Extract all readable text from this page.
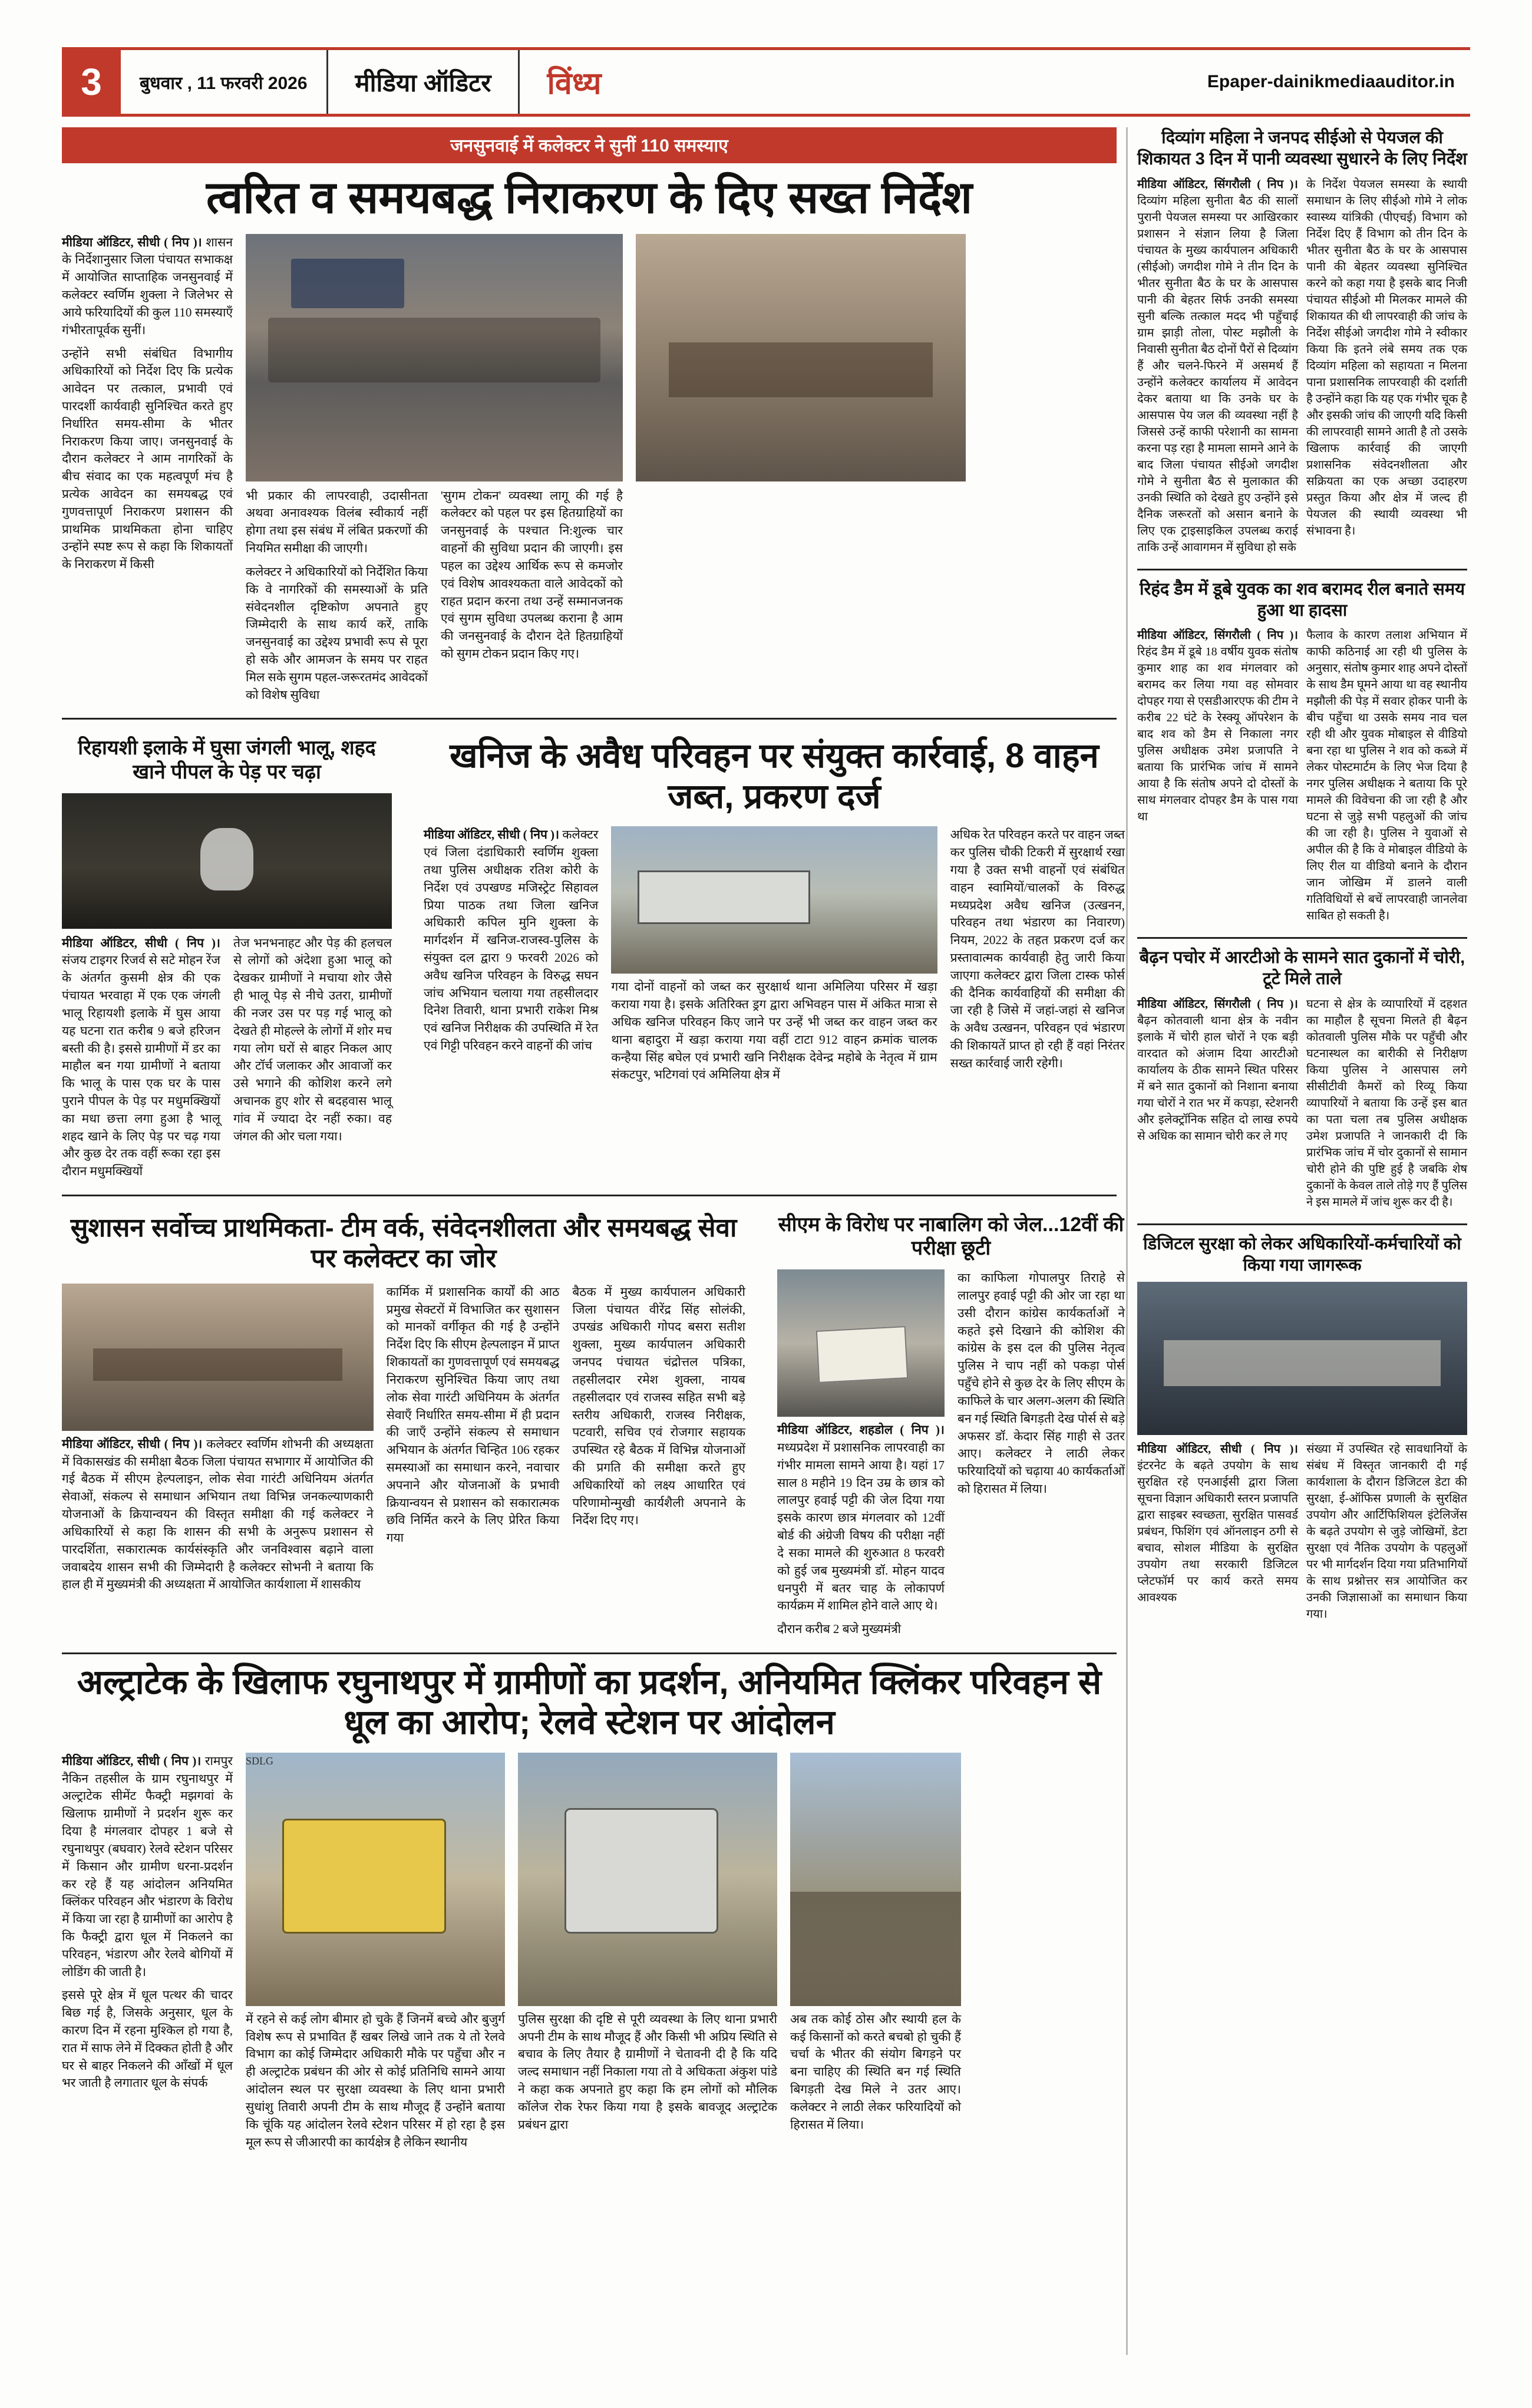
3	बुधवार , 11 फरवरी 2026	मीडिया ऑडिटर	विंध्य	Epaper-dainikmediaauditor.in
जनसुनवाई में कलेक्टर ने सुनीं 110 समस्याए
त्वरित व समयबद्ध निराकरण के दिए सख्त निर्देश

मीडिया ऑडिटर, सीधी ( निप )। शासन के निर्देशानुसार जिला पंचायत सभाकक्ष में आयोजित साप्ताहिक जनसुनवाई में कलेक्टर स्वर्णिम शुक्ला ने जिलेभर से आये फरियादियों की कुल 110 समस्याएँ गंभीरतापूर्वक सुनीं।

उन्होंने सभी संबंधित विभागीय अधिकारियों को निर्देश दिए कि प्रत्येक आवेदन पर तत्काल, प्रभावी एवं पारदर्शी कार्यवाही सुनिश्चित करते हुए निर्धारित समय-सीमा के भीतर निराकरण किया जाए। जनसुनवाई के दौरान कलेक्टर ने आम नागरिकों के बीच संवाद का एक महत्वपूर्ण मंच है प्रत्येक आवेदन का समयबद्ध एवं गुणवत्तापूर्ण निराकरण प्रशासन की प्राथमिक प्राथमिकता होना चाहिए उन्होंने स्पष्ट रूप से कहा कि शिकायतों के निराकरण में किसी

भी प्रकार की लापरवाही, उदासीनता अथवा अनावश्यक विलंब स्वीकार्य नहीं होगा तथा इस संबंध में लंबित प्रकरणों की नियमित समीक्षा की जाएगी।

कलेक्टर ने अधिकारियों को निर्देशित किया कि वे नागरिकों की समस्याओं के प्रति संवेदनशील दृष्टिकोण अपनाते हुए जिम्मेदारी के साथ कार्य करें, ताकि जनसुनवाई का उद्देश्य प्रभावी रूप से पूरा हो सके और आमजन के समय पर राहत मिल सके सुगम पहल-जरूरतमंद आवेदकों को विशेष सुविधा

'सुगम टोकन' व्यवस्था लागू की गई है कलेक्टर को पहल पर इस हितग्राहियों का जनसुनवाई के पश्चात नि:शुल्क चार वाहनों की सुविधा प्रदान की जाएगी। इस पहल का उद्देश्य आर्थिक रूप से कमजोर एवं विशेष आवश्यकता वाले आवेदकों को राहत प्रदान करना तथा उन्हें सम्मानजनक एवं सुगम सुविधा उपलब्ध कराना है आम की जनसुनवाई के दौरान देते हितग्राहियों को सुगम टोकन प्रदान किए गए।

रिहायशी इलाके में घुसा जंगली भालू, शहद खाने पीपल के पेड़ पर चढ़ा

मीडिया ऑडिटर, सीधी ( निप )। संजय टाइगर रिजर्व से सटे मोहन रेंज के अंतर्गत कुसमी क्षेत्र की एक पंचायत भरवाहा में एक एक जंगली भालू रिहायशी इलाके में घुस आया यह घटना रात करीब 9 बजे हरिजन बस्ती की है। इससे ग्रामीणों में डर का माहौल बन गया ग्रामीणों ने बताया कि भालू के पास एक घर के पास पुराने पीपल के पेड़ पर मधुमक्खियों का मधा छत्ता लगा हुआ है भालू शहद खाने के लिए पेड़ पर चढ़ गया और कुछ देर तक वहीं रूका रहा इस दौरान मधुमक्खियों

तेज भनभनाहट और पेड़ की हलचल से लोगों को अंदेशा हुआ भालू को देखकर ग्रामीणों ने मचाया शोर जैसे ही भालू पेड़ से नीचे उतरा, ग्रामीणों की नजर उस पर पड़ गई भालू को देखते ही मोहल्ले के लोगों में शोर मच गया लोग घरों से बाहर निकल आए और टॉर्च जलाकर और आवाजों कर उसे भगाने की कोशिश करने लगे अचानक हुए शोर से बदहवास भालू गांव में ज्यादा देर नहीं रुका। वह जंगल की ओर चला गया।

खनिज के अवैध परिवहन पर संयुक्त कार्रवाई, 8 वाहन जब्त, प्रकरण दर्ज

मीडिया ऑडिटर, सीधी ( निप )। कलेक्टर एवं जिला दंडाधिकारी स्वर्णिम शुक्ला तथा पुलिस अधीक्षक रतिश कोरी के निर्देश एवं उपखण्ड मजिस्ट्रेट सिहावल प्रिया पाठक तथा जिला खनिज अधिकारी कपिल मुनि शुक्ला के मार्गदर्शन में खनिज-राजस्व-पुलिस के संयुक्त दल द्वारा 9 फरवरी 2026 को अवैध खनिज परिवहन के विरुद्ध सघन जांच अभियान चलाया गया तहसीलदार दिनेश तिवारी, थाना प्रभारी राकेश मिश्र एवं खनिज निरीक्षक की उपस्थिति में रेत एवं गिट्टी परिवहन करने वाहनों की जांच

गया दोनों वाहनों को जब्त कर सुरक्षार्थ थाना अमिलिया परिसर में खड़ा कराया गया है। इसके अतिरिक्त ड्रग द्वारा अभिवहन पास में अंकित मात्रा से अधिक खनिज परिवहन किए जाने पर उन्हें भी जब्त कर वाहन जब्त कर थाना बहादुरा में खड़ा कराया गया वहीं टाटा 912 वाहन क्रमांक चालक कन्हैया सिंह बघेल एवं प्रभारी खनि निरीक्षक देवेन्द्र महोबे के नेतृत्व में ग्राम संकटपुर, भटिगवां एवं अमिलिया क्षेत्र में

अधिक रेत परिवहन करते पर वाहन जब्त कर पुलिस चौकी टिकरी में सुरक्षार्थ रखा गया है उक्त सभी वाहनों एवं संबंधित वाहन स्वामियों/चालकों के विरुद्ध मध्यप्रदेश अवैध खनिज (उत्खनन, परिवहन तथा भंडारण का निवारण) नियम, 2022 के तहत प्रकरण दर्ज कर प्रस्तावात्मक कार्यवाही हेतु जारी किया जाएगा कलेक्टर द्वारा जिला टास्क फोर्स की दैनिक कार्यवाहियों की समीक्षा की जा रही है जिसे में जहां-जहां से खनिज के अवैध उत्खनन, परिवहन एवं भंडारण की शिकायतें प्राप्त हो रही हैं वहां निरंतर सख्त कार्रवाई जारी रहेगी।

सुशासन सर्वोच्च प्राथमिकता- टीम वर्क, संवेदनशीलता और समयबद्ध सेवा पर कलेक्टर का जोर

मीडिया ऑडिटर, सीधी ( निप )। कलेक्टर स्वर्णिम शोभनी की अध्यक्षता में विकासखंड की समीक्षा बैठक जिला पंचायत सभागार में आयोजित की गई बैठक में सीएम हेल्पलाइन, लोक सेवा गारंटी अधिनियम अंतर्गत सेवाओं, संकल्प से समाधान अभियान तथा विभिन्न जनकल्याणकारी योजनाओं के क्रियान्वयन की विस्तृत समीक्षा की गई कलेक्टर ने अधिकारियों से कहा कि शासन की सभी के अनुरूप प्रशासन से पारदर्शिता, सकारात्मक कार्यसंस्कृति और जनविश्वास बढ़ाने वाला जवाबदेय शासन सभी की जिम्मेदारी है कलेक्टर सोभनी ने बताया कि हाल ही में मुख्यमंत्री की अध्यक्षता में आयोजित कार्यशाला में शासकीय

कार्मिक में प्रशासनिक कार्यों की आठ प्रमुख सेक्टरों में विभाजित कर सुशासन को मानकों वर्गीकृत की गई है उन्होंने निर्देश दिए कि सीएम हेल्पलाइन में प्राप्त शिकायतों का गुणवत्तापूर्ण एवं समयबद्ध निराकरण सुनिश्चित किया जाए तथा लोक सेवा गारंटी अधिनियम के अंतर्गत सेवाएँ निर्धारित समय-सीमा में ही प्रदान की जाएँ उन्होंने संकल्प से समाधान अभियान के अंतर्गत चिन्हित 106 रहकर समस्याओं का समाधान करने, नवाचार अपनाने और योजनाओं के प्रभावी क्रियान्वयन से प्रशासन को सकारात्मक छवि निर्मित करने के लिए प्रेरित किया गया

बैठक में मुख्य कार्यपालन अधिकारी जिला पंचायत वीरेंद्र सिंह सोलंकी, उपखंड अधिकारी गोपद बसरा सतीश शुक्ला, मुख्य कार्यपालन अधिकारी जनपद पंचायत चंद्रोत्तल पत्रिका, तहसीलदार रमेश शुक्ला, नायब तहसीलदार एवं राजस्व सहित सभी बड़े स्तरीय अधिकारी, राजस्व निरीक्षक, पटवारी, सचिव एवं रोजगार सहायक उपस्थित रहे बैठक में विभिन्न योजनाओं की प्रगति की समीक्षा करते हुए अधिकारियों को लक्ष्य आधारित एवं परिणामोन्मुखी कार्यशैली अपनाने के निर्देश दिए गए।

सीएम के विरोध पर नाबालिग को जेल...12वीं की परीक्षा छूटी

मीडिया ऑडिटर, शहडोल ( निप )। मध्यप्रदेश में प्रशासनिक लापरवाही का गंभीर मामला सामने आया है। यहां 17 साल 8 महीने 19 दिन उम्र के छात्र को लालपुर हवाई पट्टी की जेल दिया गया इसके कारण छात्र मंगलवार को 12वीं बोर्ड की अंग्रेजी विषय की परीक्षा नहीं दे सका मामले की शुरुआत 8 फरवरी को हुई जब मुख्यमंत्री डॉ. मोहन यादव धनपुरी में बतर चाह के लोकापर्ण कार्यक्रम में शामिल होने वाले आए थे।

दौरान करीब 2 बजे मुख्यमंत्री

का काफिला गोपालपुर तिराहे से लालपुर हवाई पट्टी की ओर जा रहा था उसी दौरान कांग्रेस कार्यकर्ताओं ने कहते इसे दिखाने की कोशिश की कांग्रेस के इस दल की पुलिस नेतृत्व पुलिस ने चाप नहीं को पकड़ा पोर्स पहुँचे होने से कुछ देर के लिए सीएम के काफिले के चार अलग-अलग की स्थिति बन गई स्थिति बिगड़ती देख पोर्स से बड़े अफसर डॉ. केदार सिंह गाही से उतर आए। कलेक्टर ने लाठी लेकर फरियादियों को चढ़ाया 40 कार्यकर्ताओं को हिरासत में लिया।

अल्ट्राटेक के खिलाफ रघुनाथपुर में ग्रामीणों का प्रदर्शन, अनियमित क्लिंकर परिवहन से धूल का आरोप; रेलवे स्टेशन पर आंदोलन

मीडिया ऑडिटर, सीधी ( निप )। रामपुर नैकिन तहसील के ग्राम रघुनाथपुर में अल्ट्राटेक सीमेंट फैक्ट्री मझगवां के खिलाफ ग्रामीणों ने प्रदर्शन शुरू कर दिया है मंगलवार दोपहर 1 बजे से रघुनाथपुर (बघवार) रेलवे स्टेशन परिसर में किसान और ग्रामीण धरना-प्रदर्शन कर रहे हैं यह आंदोलन अनियमित क्लिंकर परिवहन और भंडारण के विरोध में किया जा रहा है ग्रामीणों का आरोप है कि फैक्ट्री द्वारा धूल में निकलने का परिवहन, भंडारण और रेलवे बोगियों में लोडिंग की जाती है।

इससे पूरे क्षेत्र में धूल पत्थर की चादर बिछ गई है, जिसके अनुसार, धूल के कारण दिन में रहना मुश्किल हो गया है, रात में साफ लेने में दिक्कत होती है और घर से बाहर निकलने की आँखों में धूल भर जाती है लगातार धूल के संपर्क

SDLG

में रहने से कई लोग बीमार हो चुके हैं जिनमें बच्चे और बुजुर्ग विशेष रूप से प्रभावित हैं खबर लिखे जाने तक ये तो रेलवे विभाग का कोई जिम्मेदार अधिकारी मौके पर पहुँचा और न ही अल्ट्राटेक प्रबंधन की ओर से कोई प्रतिनिधि सामने आया आंदोलन स्थल पर सुरक्षा व्यवस्था के लिए थाना प्रभारी सुधांशु तिवारी अपनी टीम के साथ मौजूद हैं उन्होंने बताया कि चूंकि यह आंदोलन रेलवे स्टेशन परिसर में हो रहा है इस मूल रूप से जीआरपी का कार्यक्षेत्र है लेकिन स्थानीय

पुलिस सुरक्षा की दृष्टि से पूरी व्यवस्था के लिए थाना प्रभारी अपनी टीम के साथ मौजूद हैं और किसी भी अप्रिय स्थिति से बचाव के लिए तैयार है ग्रामीणों ने चेतावनी दी है कि यदि जल्द समाधान नहीं निकाला गया तो वे अधिकता अंकुश पांडे ने कहा कक अपनाते हुए कहा कि हम लोगों को मौलिक कॉलेज रोक रेफर किया गया है इसके बावजूद अल्ट्राटेक प्रबंधन द्वारा

अब तक कोई ठोस और स्थायी हल के कई किसानों को करते बचबो हो चुकी हैं चर्चा के भीतर की संयोग बिगड़ने पर बना चाहिए की स्थिति बन गई स्थिति बिगड़ती देख मिले ने उतर आए। कलेक्टर ने लाठी लेकर फरियादियों को हिरासत में लिया।

दिव्यांग महिला ने जनपद सीईओ से पेयजल की शिकायत 3 दिन में पानी व्यवस्था सुधारने के लिए निर्देश

मीडिया ऑडिटर, सिंगरौली ( निप )। दिव्यांग महिला सुनीता बैठ की सालों पुरानी पेयजल समस्या पर आखिरकार प्रशासन ने संज्ञान लिया है जिला पंचायत के मुख्य कार्यपालन अधिकारी (सीईओ) जगदीश गोमे ने तीन दिन के भीतर सुनीता बैठ के घर के आसपास पानी की बेहतर सिर्फ उनकी समस्या सुनी बल्कि तत्काल मदद भी पहुँचाई ग्राम झाड़ी तोला, पोस्ट मझौली के निवासी सुनीता बैठ दोनों पैरों से दिव्यांग हैं और चलने-फिरने में असमर्थ हैं उन्होंने कलेक्टर कार्यालय में आवेदन देकर बताया था कि उनके घर के आसपास पेय जल की व्यवस्था नहीं है जिससे उन्हें काफी परेशानी का सामना करना पड़ रहा है मामला सामने आने के बाद जिला पंचायत सीईओ जगदीश गोमे ने सुनीता बैठ से मुलाकात की उनकी स्थिति को देखते हुए उन्होंने इसे दैनिक जरूरतों को असान बनाने के लिए एक ट्राइसाइकिल उपलब्ध कराई ताकि उन्हें आवागमन में सुविधा हो सके

के निर्देश पेयजल समस्या के स्थायी समाधान के लिए सीईओ गोमे ने लोक स्वास्थ्य यांत्रिकी (पीएचई) विभाग को निर्देश दिए हैं विभाग को तीन दिन के भीतर सुनीता बैठ के घर के आसपास पानी की बेहतर व्यवस्था सुनिश्चित करने को कहा गया है इसके बाद निजी पंचायत सीईओ मी मिलकर मामले की शिकायत की थी लापरवाही की जांच के निर्देश सीईओ जगदीश गोमे ने स्वीकार किया कि इतने लंबे समय तक एक दिव्यांग महिला को सहायता न मिलना पाना प्रशासनिक लापरवाही की दर्शाती है उन्होंने कहा कि यह एक गंभीर चूक है और इसकी जांच की जाएगी यदि किसी की लापरवाही सामने आती है तो उसके खिलाफ कार्रवाई की जाएगी प्रशासनिक संवेदनशीलता और सक्रियता का एक अच्छा उदाहरण प्रस्तुत किया और क्षेत्र में जल्द ही पेयजल की स्थायी व्यवस्था भी संभावना है।

रिहंद डैम में डूबे युवक का शव बरामद रील बनाते समय हुआ था हादसा

मीडिया ऑडिटर, सिंगरौली ( निप )। रिहंद डैम में डूबे 18 वर्षीय युवक संतोष कुमार शाह का शव मंगलवार को बरामद कर लिया गया वह सोमवार दोपहर गया से एसडीआरएफ की टीम ने करीब 22 घंटे के रेस्क्यू ऑपरेशन के बाद शव को डैम से निकाला नगर पुलिस अधीक्षक उमेश प्रजापति ने बताया कि प्रारंभिक जांच में सामने आया है कि संतोष अपने दो दोस्तों के साथ मंगलवार दोपहर डैम के पास गया था

फैलाव के कारण तलाश अभियान में काफी कठिनाई आ रही थी पुलिस के अनुसार, संतोष कुमार शाह अपने दोस्तों के साथ डैम घूमने आया था वह स्थानीय मझौली की पेड़ में सवार होकर पानी के बीच पहुँचा था उसके समय नाव चल रही थी और युवक मोबाइल से वीडियो बना रहा था पुलिस ने शव को कब्जे में लेकर पोस्टमार्टम के लिए भेज दिया है नगर पुलिस अधीक्षक ने बताया कि पूरे मामले की विवेचना की जा रही है और घटना से जुड़े सभी पहलुओं की जांच की जा रही है। पुलिस ने युवाओं से अपील की है कि वे मोबाइल वीडियो के लिए रील या वीडियो बनाने के दौरान जान जोखिम में डालने वाली गतिविधियों से बचें लापरवाही जानलेवा साबित हो सकती है।

बैढ़न पचोर में आरटीओ के सामने सात दुकानों में चोरी, टूटे मिले ताले

मीडिया ऑडिटर, सिंगरौली ( निप )। बैढ़न कोतवाली थाना क्षेत्र के नवीन इलाके में चोरी हाल चोरों ने एक बड़ी वारदात को अंजाम दिया आरटीओ कार्यालय के ठीक सामने स्थित परिसर में बने सात दुकानों को निशाना बनाया गया चोरों ने रात भर में कपड़ा, स्टेशनरी और इलेक्ट्रॉनिक सहित दो लाख रुपये से अधिक का सामान चोरी कर ले गए

घटना से क्षेत्र के व्यापारियों में दहशत का माहौल है सूचना मिलते ही बैढ़न कोतवाली पुलिस मौके पर पहुँची और घटनास्थल का बारीकी से निरीक्षण किया पुलिस ने आसपास लगे सीसीटीवी कैमरों को रिव्यू किया व्यापारियों ने बताया कि उन्हें इस बात का पता चला तब पुलिस अधीक्षक उमेश प्रजापति ने जानकारी दी कि प्रारंभिक जांच में चोर दुकानों से सामान चोरी होने की पुष्टि हुई है जबकि शेष दुकानों के केवल ताले तोड़े गए हैं पुलिस ने इस मामले में जांच शुरू कर दी है।

डिजिटल सुरक्षा को लेकर अधिकारियों-कर्मचारियों को किया गया जागरूक

मीडिया ऑडिटर, सीधी ( निप )। इंटरनेट के बढ़ते उपयोग के साथ सुरक्षित रहे एनआईसी द्वारा जिला सूचना विज्ञान अधिकारी स्तरन प्रजापति द्वारा साइबर स्वच्छता, सुरक्षित पासवर्ड प्रबंधन, फिशिंग एवं ऑनलाइन ठगी से बचाव, सोशल मीडिया के सुरक्षित उपयोग तथा सरकारी डिजिटल प्लेटफॉर्म पर कार्य करते समय आवश्यक

संख्या में उपस्थित रहे सावधानियों के संबंध में विस्तृत जानकारी दी गई कार्यशाला के दौरान डिजिटल डेटा की सुरक्षा, ई-ऑफिस प्रणाली के सुरक्षित उपयोग और आर्टिफिशियल इंटेलिजेंस के बढ़ते उपयोग से जुड़े जोखिमों, डेटा सुरक्षा एवं नैतिक उपयोग के पहलुओं पर भी मार्गदर्शन दिया गया प्रतिभागियों के साथ प्रश्नोत्तर सत्र आयोजित कर उनकी जिज्ञासाओं का समाधान किया गया।
